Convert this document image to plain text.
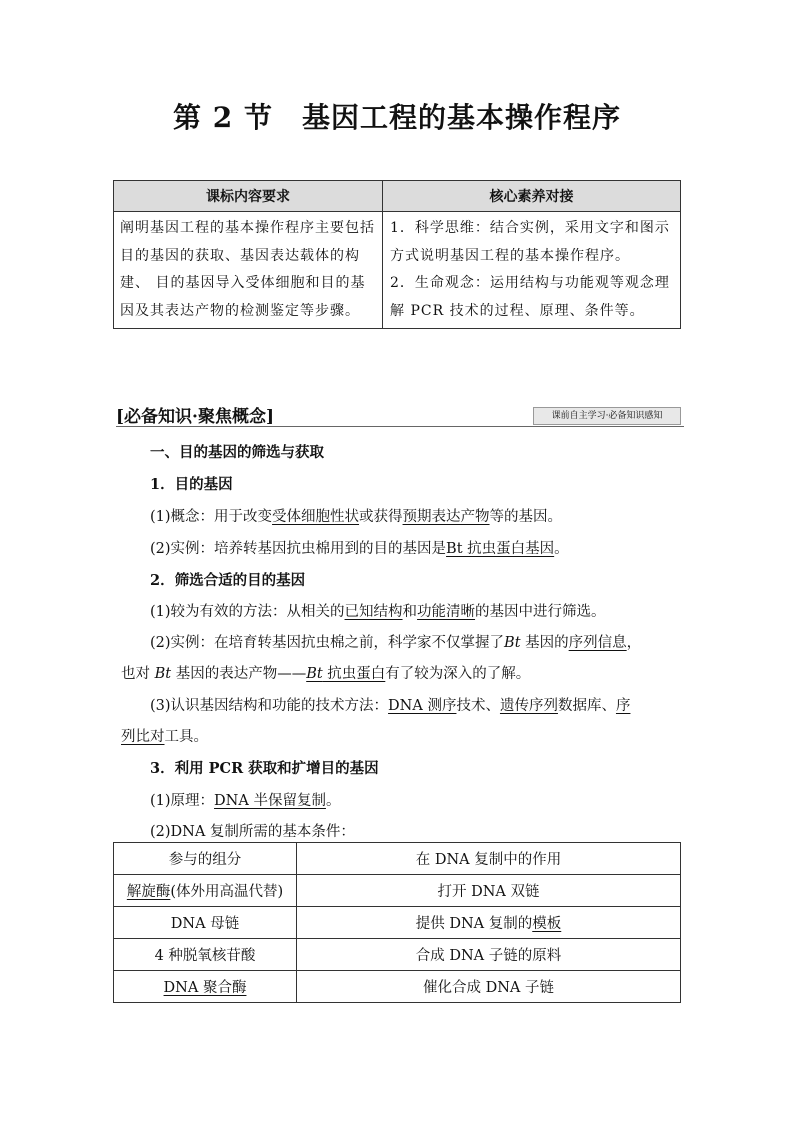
第 2 节　基因工程的基本操作程序
课标内容要求	核心素养对接
阐明基因工程的基本操作程序主要包括目的基因的获取、基因表达载体的构建、 目的基因导入受体细胞和目的基因及其表达产物的检测鉴定等步骤。	1．科学思维：结合实例，采用文字和图示方式说明基因工程的基本操作程序。
2．生命观念：运用结构与功能观等观念理解 PCR 技术的过程、原理、条件等。
[必备知识·聚焦概念]	课前自主学习·必备知识感知
一、目的基因的筛选与获取
1．目的基因
(1)概念：用于改变受体细胞性状或获得预期表达产物等的基因。
(2)实例：培养转基因抗虫棉用到的目的基因是Bt 抗虫蛋白基因。
2．筛选合适的目的基因
(1)较为有效的方法：从相关的已知结构和功能清晰的基因中进行筛选。
(2)实例：在培育转基因抗虫棉之前，科学家不仅掌握了Bt 基因的序列信息，
也对 Bt 基因的表达产物——Bt 抗虫蛋白有了较为深入的了解。
(3)认识基因结构和功能的技术方法：DNA 测序技术、遗传序列数据库、序
列比对工具。
3．利用 PCR 获取和扩增目的基因
(1)原理：DNA 半保留复制。
(2)DNA 复制所需的基本条件：
参与的组分	在 DNA 复制中的作用
解旋酶(体外用高温代替)	打开 DNA 双链
DNA 母链	提供 DNA 复制的模板
4 种脱氧核苷酸	合成 DNA 子链的原料
DNA 聚合酶	催化合成 DNA 子链
